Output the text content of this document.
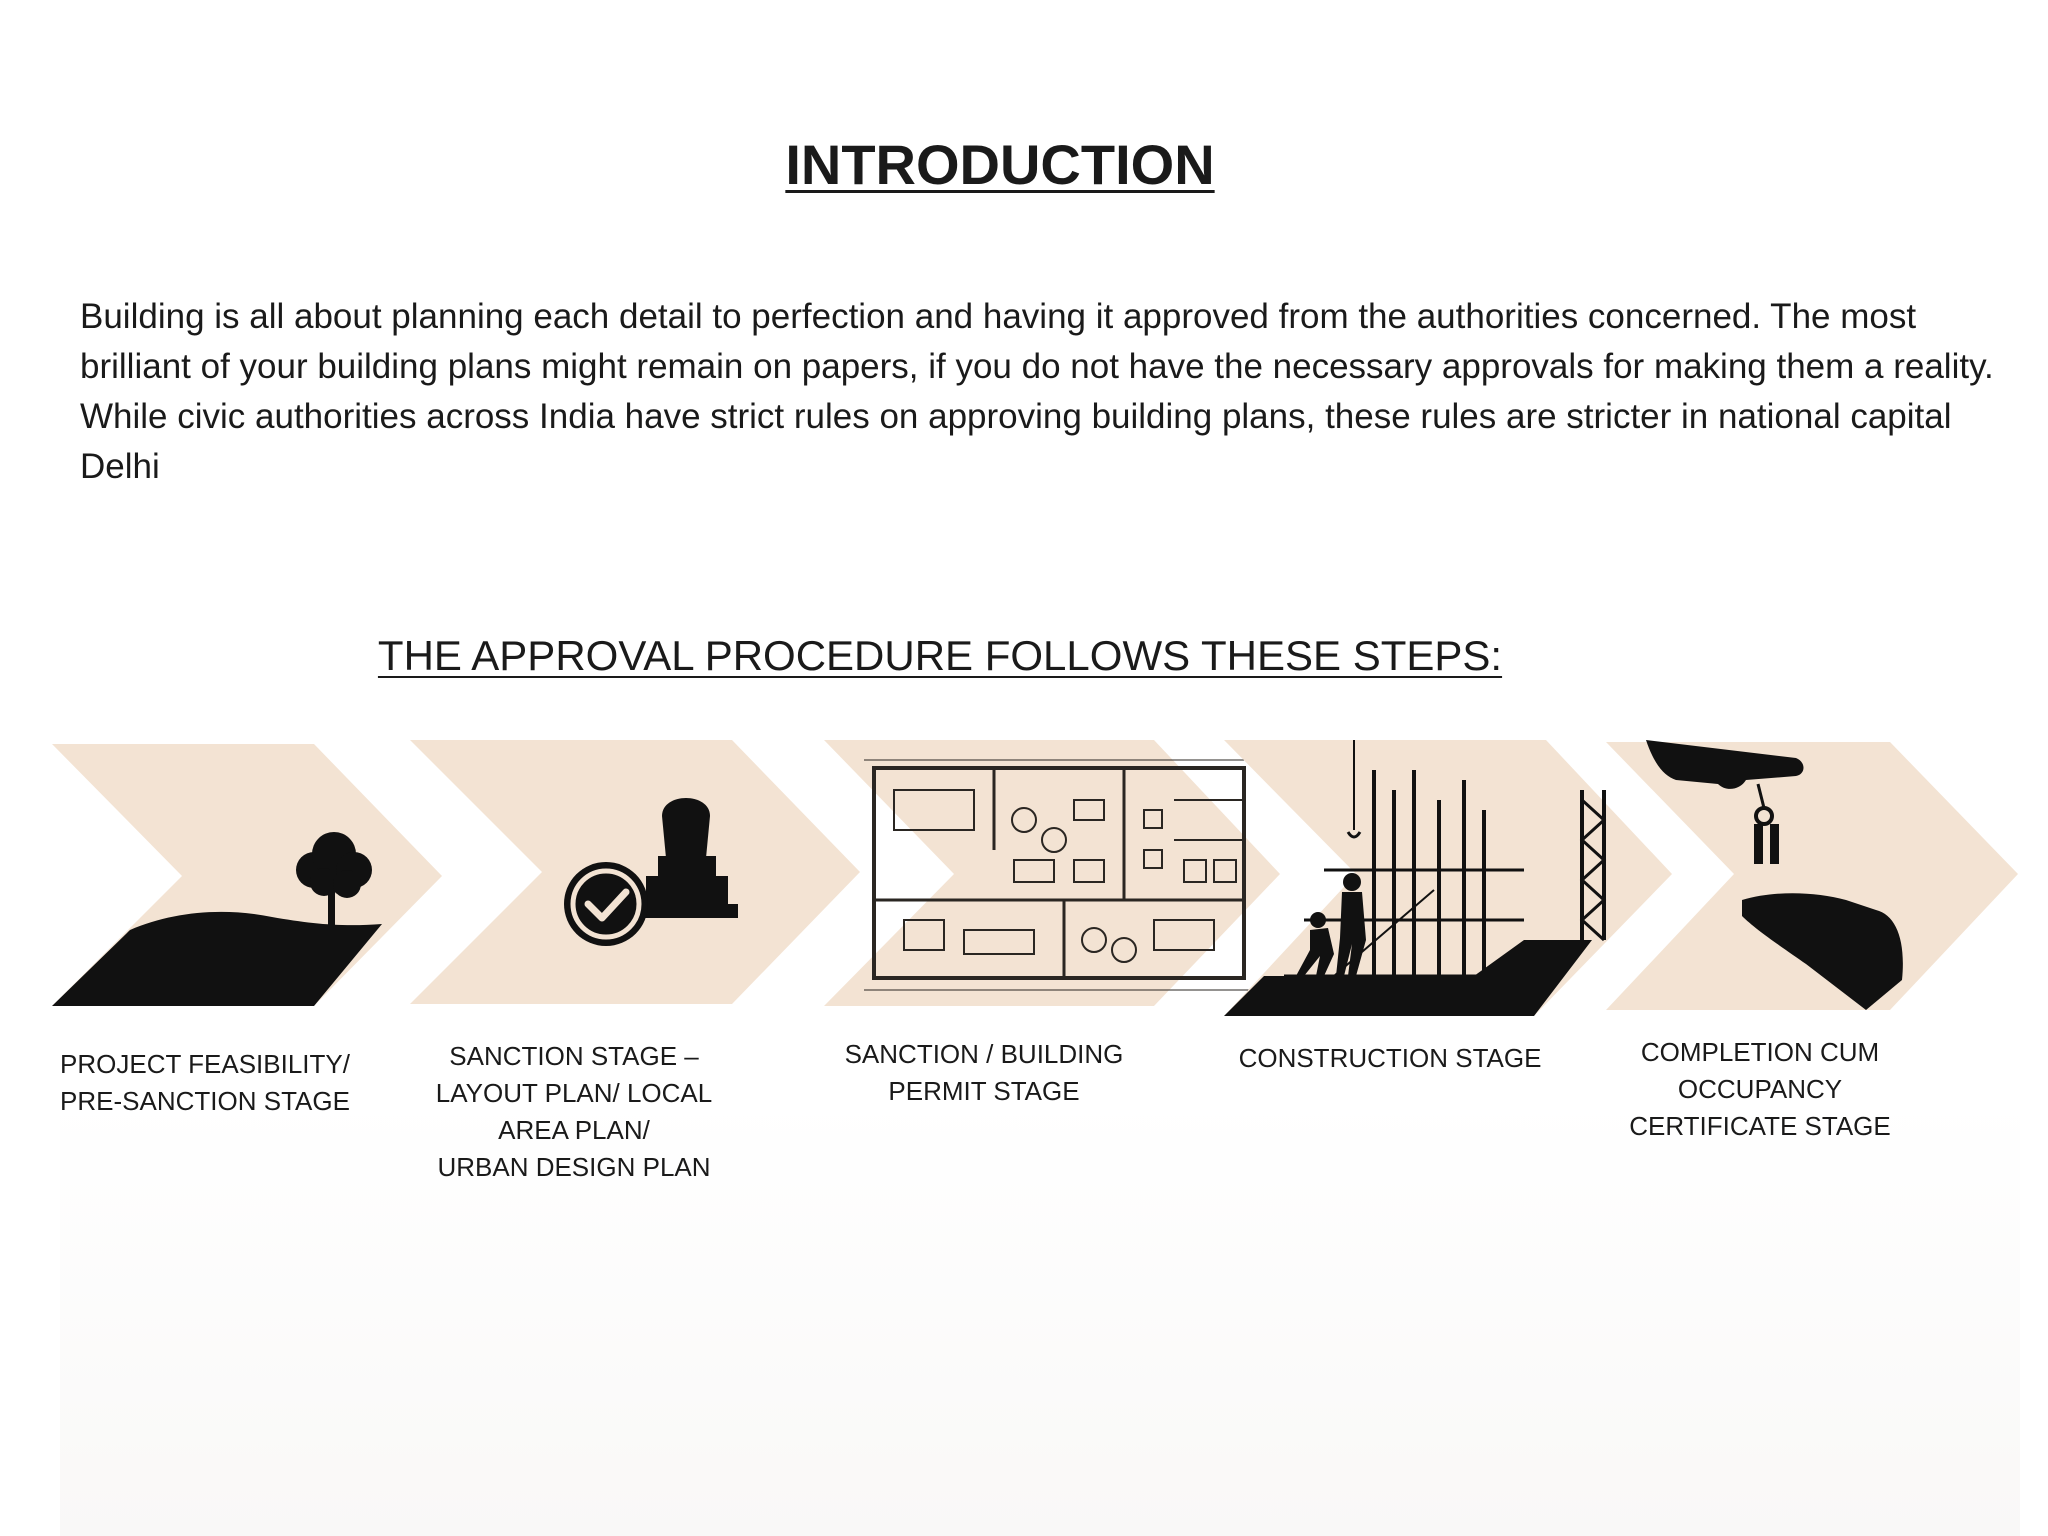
INTRODUCTION

Building is all about planning each detail to perfection and having it approved from the authorities concerned. The most brilliant of your building plans might remain on papers, if you do not have the necessary approvals for making them a reality. While civic authorities across India have strict rules on approving building plans, these rules are stricter in national capital Delhi

THE APPROVAL PROCEDURE FOLLOWS THESE STEPS:
PROJECT FEASIBILITY/
PRE-SANCTION STAGE
SANCTION STAGE –
LAYOUT PLAN/ LOCAL
AREA PLAN/
URBAN DESIGN PLAN
SANCTION / BUILDING
PERMIT STAGE
CONSTRUCTION STAGE	COMPLETION CUM
OCCUPANCY
CERTIFICATE STAGE
